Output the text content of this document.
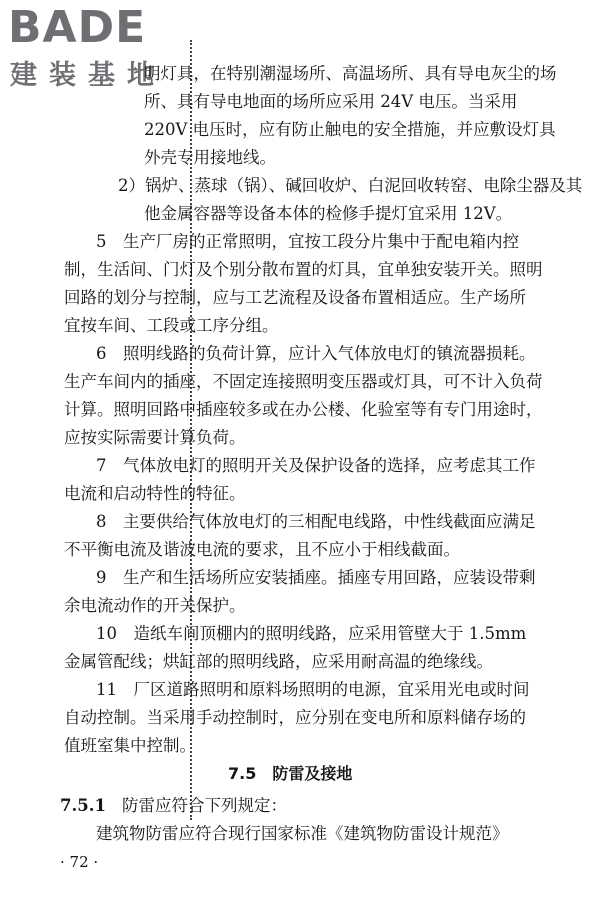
BADE
建装基地
明灯具，在特别潮湿场所、高温场所、具有导电灰尘的场
所、具有导电地面的场所应采用 24V 电压。当采用
220V 电压时，应有防止触电的安全措施，并应敷设灯具
外壳专用接地线。
2）锅炉、蒸球（锅）、碱回收炉、白泥回收转窑、电除尘器及其
他金属容器等设备本体的检修手提灯宜采用 12V。
5　生产厂房的正常照明，宜按工段分片集中于配电箱内控
制，生活间、门灯及个别分散布置的灯具，宜单独安装开关。照明
回路的划分与控制，应与工艺流程及设备布置相适应。生产场所
宜按车间、工段或工序分组。
6　照明线路的负荷计算，应计入气体放电灯的镇流器损耗。
生产车间内的插座，不固定连接照明变压器或灯具，可不计入负荷
计算。照明回路中插座较多或在办公楼、化验室等有专门用途时，
应按实际需要计算负荷。
7　气体放电灯的照明开关及保护设备的选择，应考虑其工作
电流和启动特性的特征。
8　主要供给气体放电灯的三相配电线路，中性线截面应满足
不平衡电流及谐波电流的要求，且不应小于相线截面。
9　生产和生活场所应安装插座。插座专用回路，应装设带剩
余电流动作的开关保护。
10　造纸车间顶棚内的照明线路，应采用管壁大于 1.5mm
金属管配线；烘缸部的照明线路，应采用耐高温的绝缘线。
11　厂区道路照明和原料场照明的电源，宜采用光电或时间
自动控制。当采用手动控制时，应分别在变电所和原料储存场的
值班室集中控制。
7.5　防雷及接地
7.5.1 防雷应符合下列规定：
建筑物防雷应符合现行国家标准《建筑物防雷设计规范》
· 72 ·
